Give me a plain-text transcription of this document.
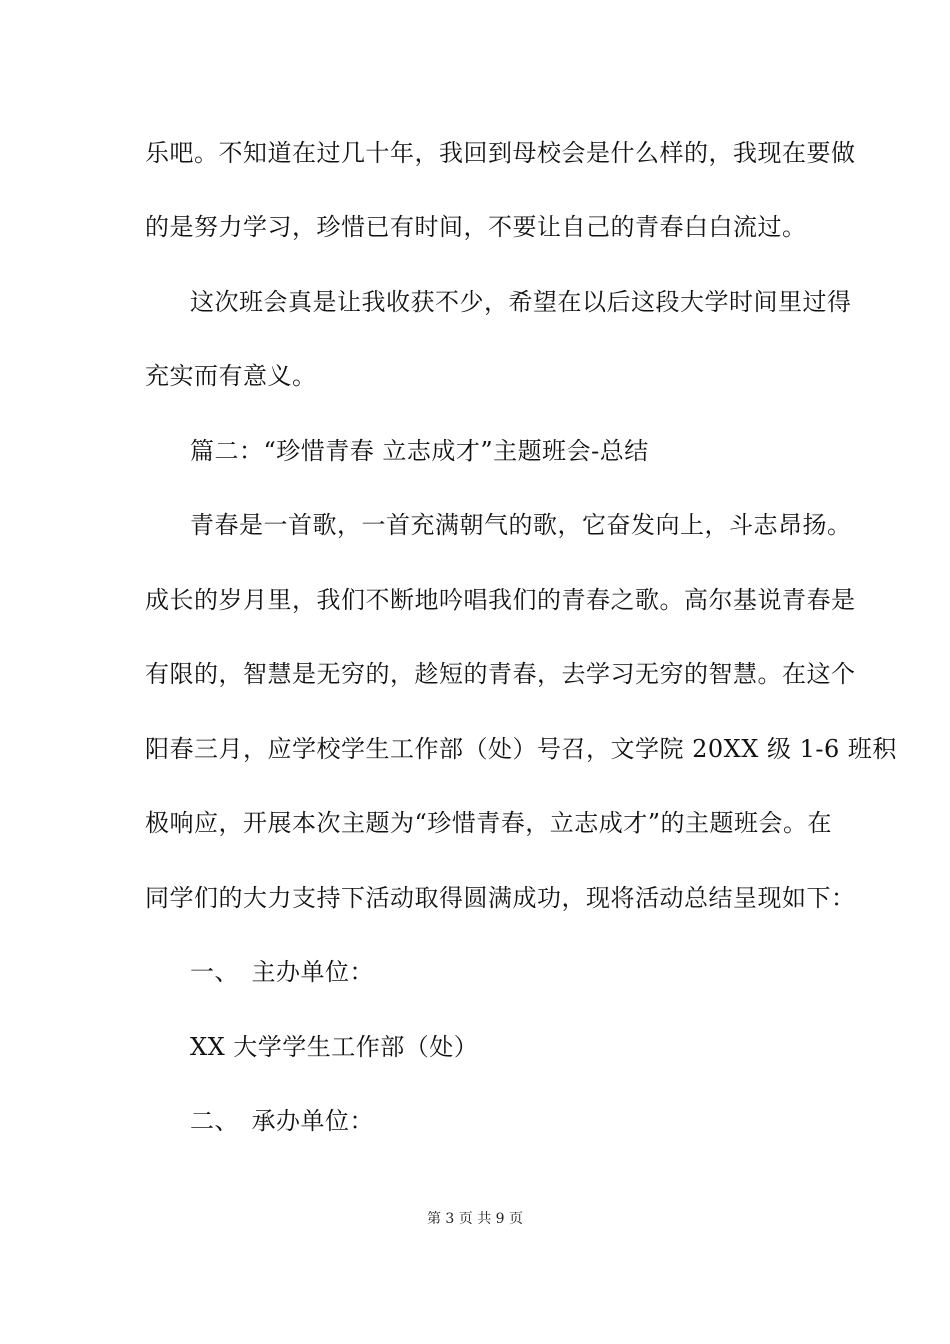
乐吧。不知道在过几十年，我回到母校会是什么样的，我现在要做
的是努力学习，珍惜已有时间，不要让自己的青春白白流过。
这次班会真是让我收获不少，希望在以后这段大学时间里过得
充实而有意义。
篇二：“珍惜青春 立志成才”主题班会-总结
青春是一首歌，一首充满朝气的歌，它奋发向上，斗志昂扬。
成长的岁月里，我们不断地吟唱我们的青春之歌。高尔基说青春是
有限的，智慧是无穷的，趁短的青春，去学习无穷的智慧。在这个
阳春三月，应学校学生工作部（处）号召，文学院 20XX 级 1-6 班积
极响应，开展本次主题为“珍惜青春，立志成才”的主题班会。在
同学们的大力支持下活动取得圆满成功，现将活动总结呈现如下：
一、　主办单位：
XX 大学学生工作部（处）
二、　承办单位：
第 3 页 共 9 页
